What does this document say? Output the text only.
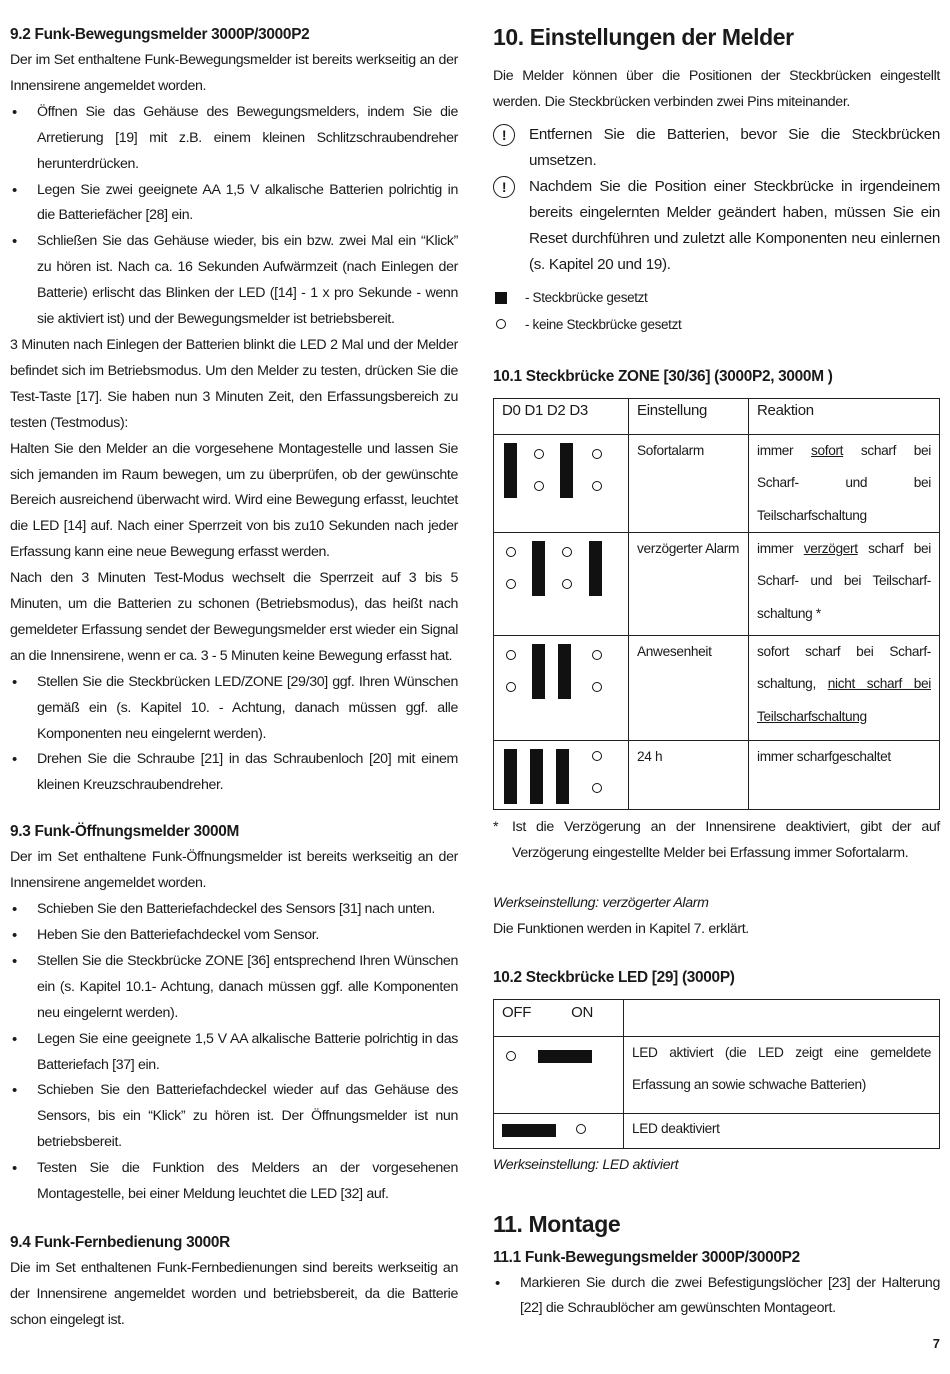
9.2 Funk-Bewegungsmelder 3000P/3000P2

Der im Set enthaltene Funk-Bewegungsmelder ist bereits werkseitig an der Innensirene angemeldet worden.

• Öffnen Sie das Gehäuse des Bewegungsmelders, indem Sie die Arretierung [19] mit z.B. einem kleinen Schlitzschraubendreher herunterdrücken.
• Legen Sie zwei geeignete AA 1,5 V alkalische Batterien polrichtig in die Batteriefächer [28] ein.
• Schließen Sie das Gehäuse wieder, bis ein bzw. zwei Mal ein “Klick” zu hören ist. Nach ca. 16 Sekunden Aufwärmzeit (nach Einlegen der Batterie) erlischt das Blinken der LED ([14] - 1 x pro Sekunde - wenn sie aktiviert ist) und der Bewegungsmelder ist betriebsbereit.

3 Minuten nach Einlegen der Batterien blinkt die LED 2 Mal und der Melder befindet sich im Betriebsmodus. Um den Melder zu testen, drücken Sie die Test-Taste [17]. Sie haben nun 3 Minuten Zeit, den Erfassungsbereich zu testen (Testmodus):

Halten Sie den Melder an die vorgesehene Montagestelle und lassen Sie sich jemanden im Raum bewegen, um zu überprüfen, ob der gewünschte Bereich ausreichend überwacht wird. Wird eine Bewegung erfasst, leuchtet die LED [14] auf. Nach einer Sperrzeit von bis zu10 Sekunden nach jeder Erfassung kann eine neue Bewegung erfasst werden.

Nach den 3 Minuten Test-Modus wechselt die Sperrzeit auf 3 bis 5 Minuten, um die Batterien zu schonen (Betriebsmodus), das heißt nach gemeldeter Erfassung sendet der Bewegungsmelder erst wieder ein Signal an die Innensirene, wenn er ca. 3 - 5 Minuten keine Bewegung erfasst hat.

• Stellen Sie die Steckbrücken LED/ZONE [29/30] ggf. Ihren Wünschen gemäß ein (s. Kapitel 10. - Achtung, danach müssen ggf. alle Komponenten neu eingelernt werden).
• Drehen Sie die Schraube [21] in das Schraubenloch [20] mit einem kleinen Kreuzschraubendreher.
9.3 Funk-Öffnungsmelder 3000M

Der im Set enthaltene Funk-Öffnungsmelder ist bereits werkseitig an der Innensirene angemeldet worden.

• Schieben Sie den Batteriefachdeckel des Sensors [31] nach unten.
• Heben Sie den Batteriefachdeckel vom Sensor.
• Stellen Sie die Steckbrücke ZONE [36] entsprechend Ihren Wünschen ein (s. Kapitel 10.1- Achtung, danach müssen ggf. alle Komponenten neu eingelernt werden).
• Legen Sie eine geeignete 1,5 V AA alkalische Batterie polrichtig in das Batteriefach [37] ein.
• Schieben Sie den Batteriefachdeckel wieder auf das Gehäuse des Sensors, bis ein “Klick” zu hören ist. Der Öffnungsmelder ist nun betriebsbereit.
• Testen Sie die Funktion des Melders an der vorgesehenen Montagestelle, bei einer Meldung leuchtet die LED [32] auf.
9.4 Funk-Fernbedienung 3000R

Die im Set enthaltenen Funk-Fernbedienungen sind bereits werkseitig an der Innensirene angemeldet worden und betriebsbereit, da die Batterie schon eingelegt ist.

10. Einstellungen der Melder

Die Melder können über die Positionen der Steckbrücken eingestellt werden. Die Steckbrücken verbinden zwei Pins miteinander.

!	Entfernen Sie die Batterien, bevor Sie die Steckbrücken umsetzen.
!	Nachdem Sie die Position einer Steckbrücke in irgendeinem bereits eingelernten Melder geändert haben, müssen Sie ein Reset durchführen und zuletzt alle Komponenten neu einlernen (s. Kapitel 20 und 19).
- Steckbrücke gesetzt
- keine Steckbrücke gesetzt
10.1 Steckbrücke ZONE [30/36] (3000P2, 3000M )
D0 D1 D2 D3	Einstellung	Reaktion

	Sofortalarm	immer sofort scharf bei Scharf- und bei Teilscharfschaltung

	verzögerter Alarm	immer verzögert scharf bei Scharf- und bei Teilscharf-schaltung *

	Anwesenheit	sofort scharf bei Scharf-schaltung, nicht scharf bei Teilscharfschaltung

	24 h	immer scharfgeschaltet
* Ist die Verzögerung an der Innensirene deaktiviert, gibt der auf Verzögerung eingestellte Melder bei Erfassung immer Sofortalarm.
Werkseinstellung: verzögerter Alarm

Die Funktionen werden in Kapitel 7. erklärt.

10.2 Steckbrücke LED [29] (3000P)
OFF ON	

	LED aktiviert (die LED zeigt eine gemeldete Erfassung an sowie schwache Batterien)

	LED deaktiviert
Werkseinstellung: LED aktiviert
11. Montage
11.1 Funk-Bewegungsmelder 3000P/3000P2
• Markieren Sie durch die zwei Befestigungslöcher [23] der Halterung [22] die Schraublöcher am gewünschten Montageort.
7
